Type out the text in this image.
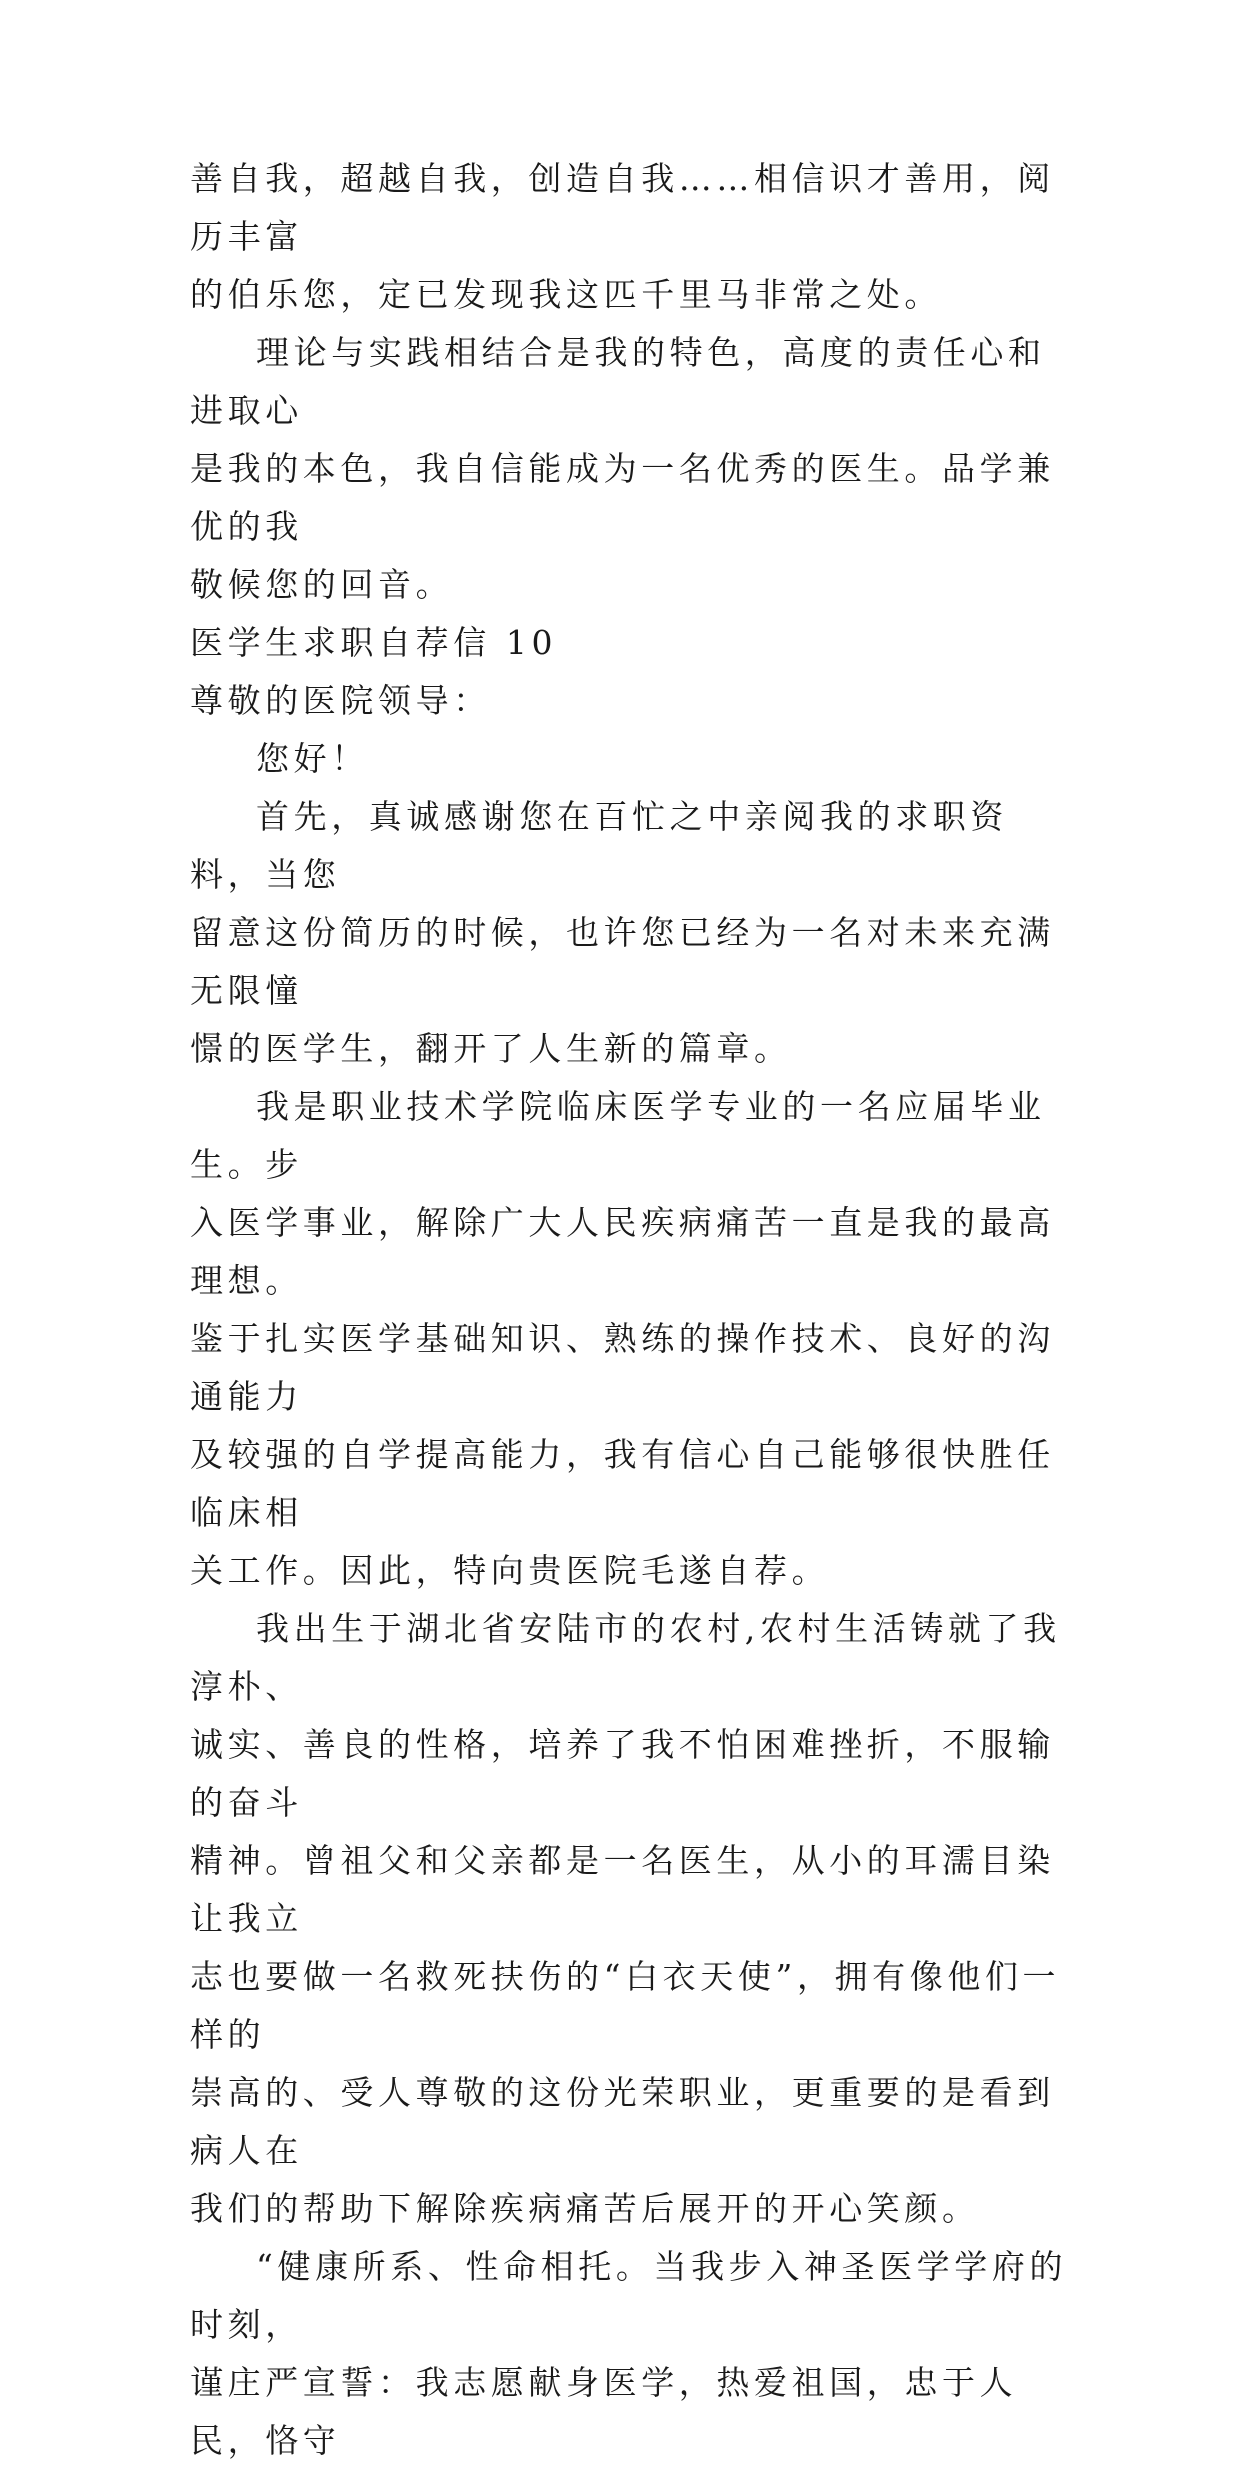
善自我，超越自我，创造自我……相信识才善用，阅历丰富
的伯乐您，定已发现我这匹千里马非常之处。

理论与实践相结合是我的特色，高度的责任心和进取心
是我的本色，我自信能成为一名优秀的医生。品学兼优的我
敬候您的回音。

医学生求职自荐信 10

尊敬的医院领导：

您好！

首先，真诚感谢您在百忙之中亲阅我的求职资料，当您
留意这份简历的时候，也许您已经为一名对未来充满无限憧
憬的医学生，翻开了人生新的篇章。

我是职业技术学院临床医学专业的一名应届毕业生。步
入医学事业，解除广大人民疾病痛苦一直是我的最高理想。
鉴于扎实医学基础知识、熟练的操作技术、良好的沟通能力
及较强的自学提高能力，我有信心自己能够很快胜任临床相
关工作。因此，特向贵医院毛遂自荐。

我出生于湖北省安陆市的农村,农村生活铸就了我淳朴、
诚实、善良的性格，培养了我不怕困难挫折，不服输的奋斗
精神。曾祖父和父亲都是一名医生，从小的耳濡目染让我立
志也要做一名救死扶伤的“白衣天使”，拥有像他们一样的
崇高的、受人尊敬的这份光荣职业，更重要的是看到病人在
我们的帮助下解除疾病痛苦后展开的开心笑颜。

“健康所系、性命相托。当我步入神圣医学学府的时刻，
谨庄严宣誓：我志愿献身医学，热爱祖国，忠于人民，恪守
